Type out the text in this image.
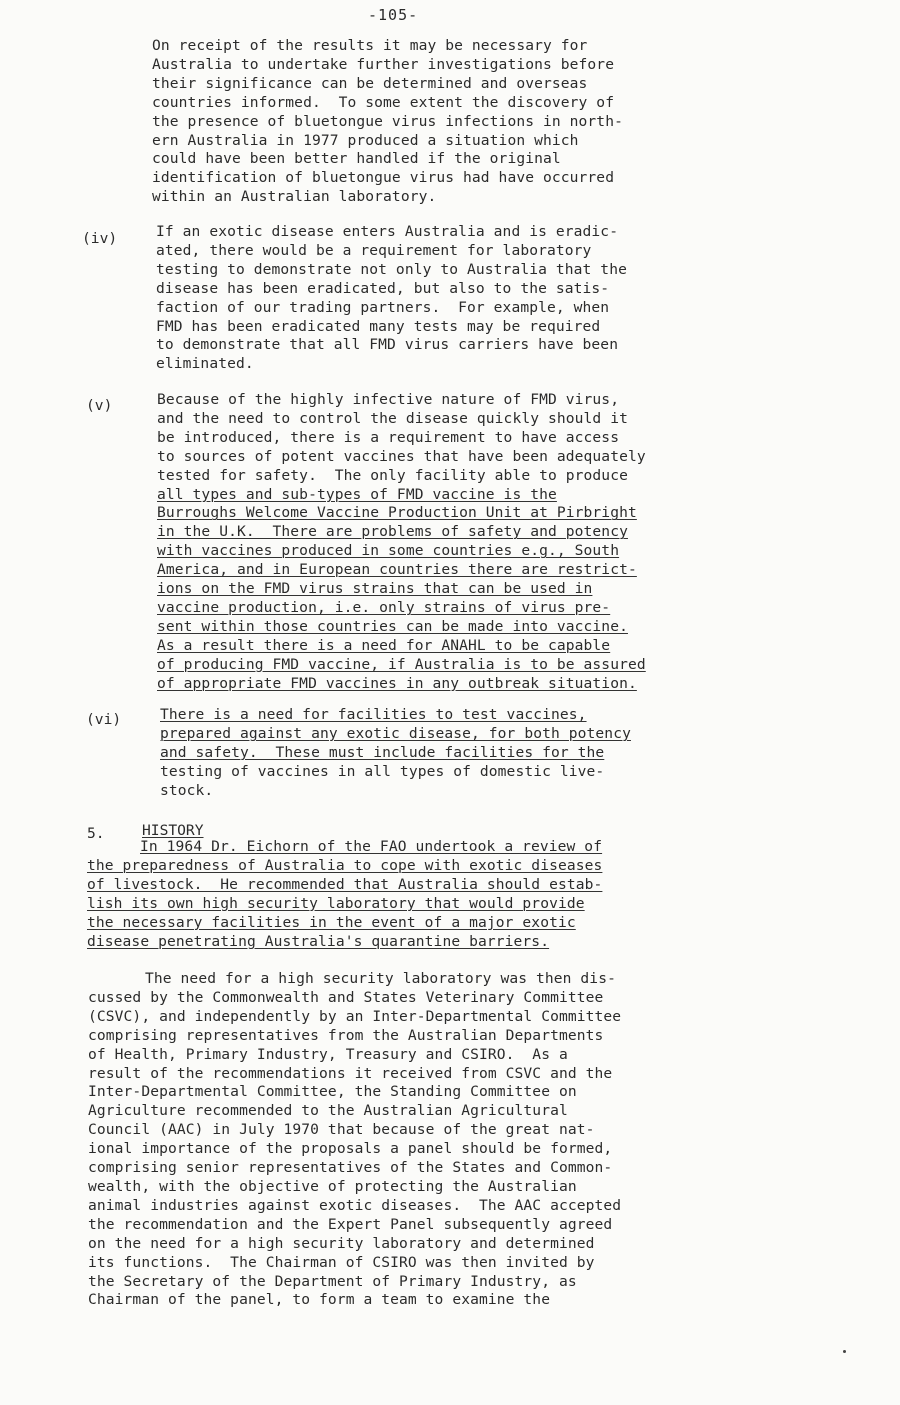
-105-
On receipt of the results it may be necessary for
Australia to undertake further investigations before
their significance can be determined and overseas
countries informed.  To some extent the discovery of
the presence of bluetongue virus infections in north-
ern Australia in 1977 produced a situation which
could have been better handled if the original
identification of bluetongue virus had have occurred
within an Australian laboratory.
(iv)	If an exotic disease enters Australia and is eradic-
ated, there would be a requirement for laboratory
testing to demonstrate not only to Australia that the
disease has been eradicated, but also to the satis-
faction of our trading partners.  For example, when
FMD has been eradicated many tests may be required
to demonstrate that all FMD virus carriers have been
eliminated.
(v)	Because of the highly infective nature of FMD virus,
and the need to control the disease quickly should it
be introduced, there is a requirement to have access
to sources of potent vaccines that have been adequately
tested for safety.  The only facility able to produce
all types and sub-types of FMD vaccine is the
Burroughs Welcome Vaccine Production Unit at Pirbright
in the U.K.  There are problems of safety and potency
with vaccines produced in some countries e.g., South
America, and in European countries there are restrict-
ions on the FMD virus strains that can be used in
vaccine production, i.e. only strains of virus pre-
sent within those countries can be made into vaccine.
As a result there is a need for ANAHL to be capable
of producing FMD vaccine, if Australia is to be assured
of appropriate FMD vaccines in any outbreak situation.
(vi)	There is a need for facilities to test vaccines,
prepared against any exotic disease, for both potency
and safety.  These must include facilities for the
testing of vaccines in all types of domestic live-
stock.
5.	HISTORY
In 1964 Dr. Eichorn of the FAO undertook a review of
the preparedness of Australia to cope with exotic diseases
of livestock.  He recommended that Australia should estab-
lish its own high security laboratory that would provide
the necessary facilities in the event of a major exotic
disease penetrating Australia's quarantine barriers.
The need for a high security laboratory was then dis-
cussed by the Commonwealth and States Veterinary Committee
(CSVC), and independently by an Inter-Departmental Committee
comprising representatives from the Australian Departments
of Health, Primary Industry, Treasury and CSIRO.  As a
result of the recommendations it received from CSVC and the
Inter-Departmental Committee, the Standing Committee on
Agriculture recommended to the Australian Agricultural
Council (AAC) in July 1970 that because of the great nat-
ional importance of the proposals a panel should be formed,
comprising senior representatives of the States and Common-
wealth, with the objective of protecting the Australian
animal industries against exotic diseases.  The AAC accepted
the recommendation and the Expert Panel subsequently agreed
on the need for a high security laboratory and determined
its functions.  The Chairman of CSIRO was then invited by
the Secretary of the Department of Primary Industry, as
Chairman of the panel, to form a team to examine the
